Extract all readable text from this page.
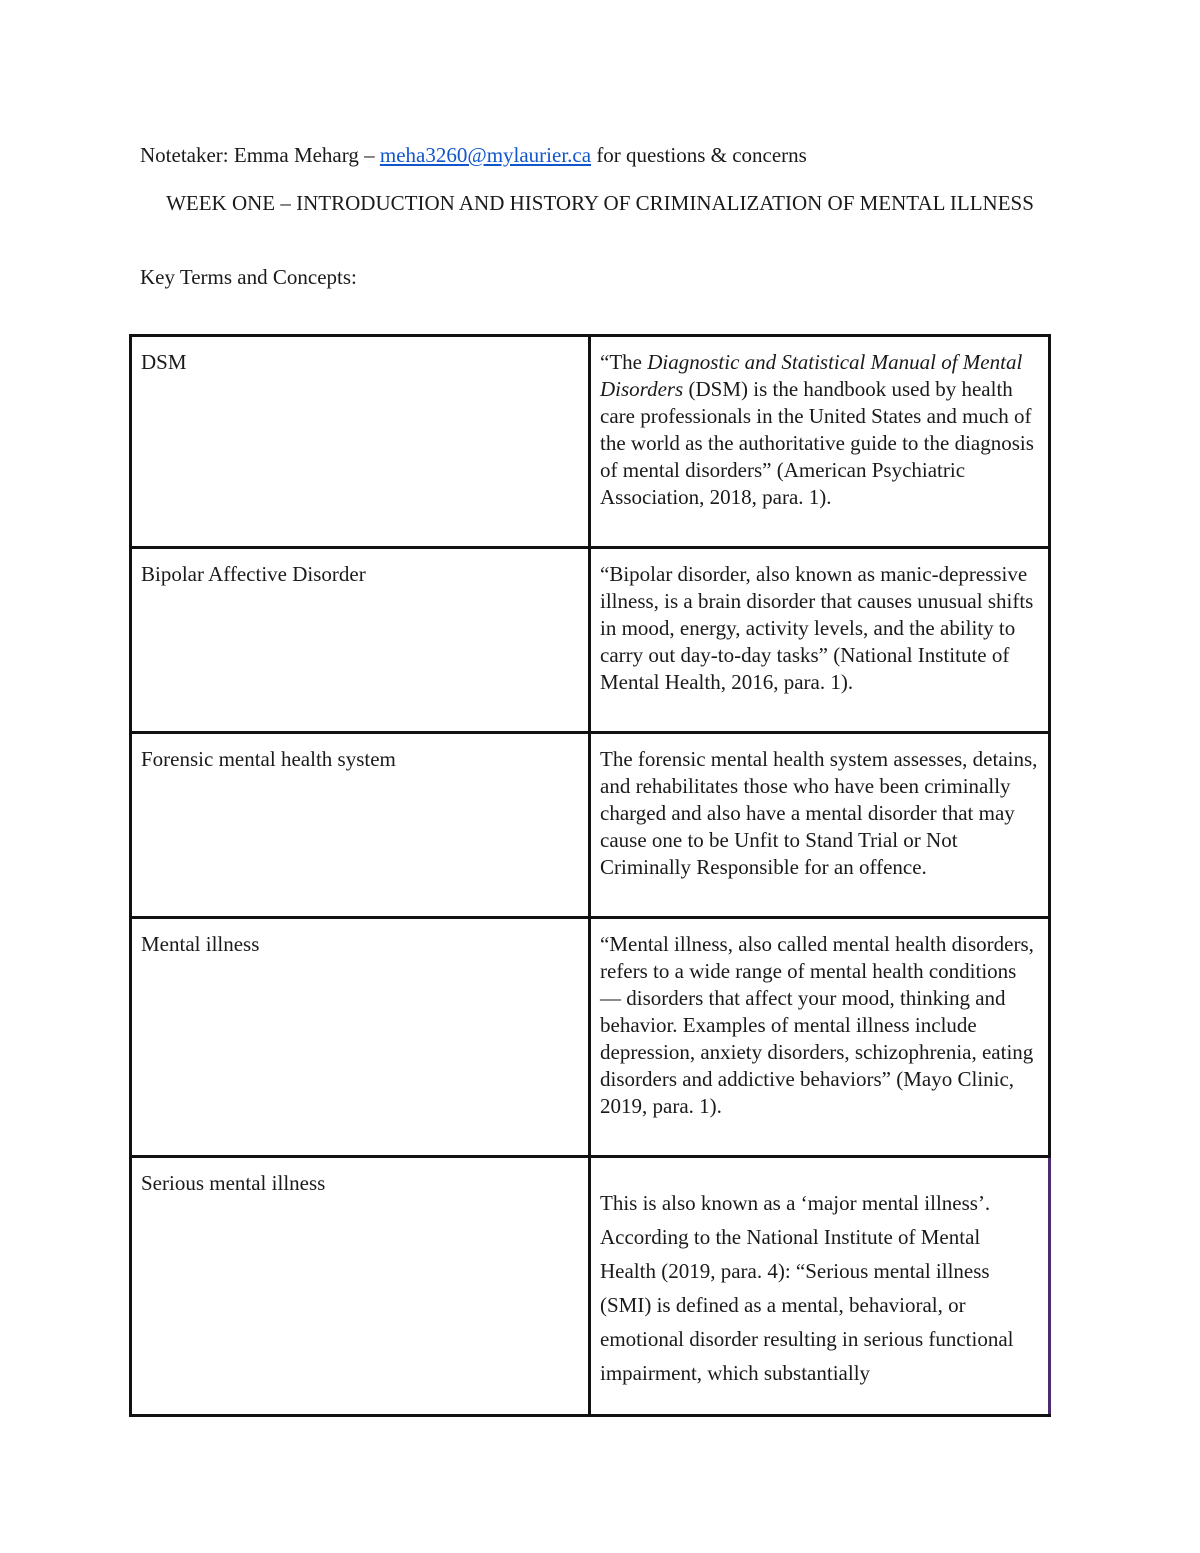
Notetaker: Emma Meharg – meha3260@mylaurier.ca for questions & concerns
WEEK ONE – INTRODUCTION AND HISTORY OF CRIMINALIZATION OF MENTAL ILLNESS
Key Terms and Concepts:
DSM	“The Diagnostic and Statistical Manual of Mental Disorders (DSM) is the handbook used by health care professionals in the United States and much of the world as the authoritative guide to the diagnosis of mental disorders” (American Psychiatric Association, 2018, para. 1).
Bipolar Affective Disorder	“Bipolar disorder, also known as manic-depressive illness, is a brain disorder that causes unusual shifts in mood, energy, activity levels, and the ability to carry out day-to-day tasks” (National Institute of Mental Health, 2016, para. 1).
Forensic mental health system	The forensic mental health system assesses, detains, and rehabilitates those who have been criminally charged and also have a mental disorder that may cause one to be Unfit to Stand Trial or Not Criminally Responsible for an offence.
Mental illness	“Mental illness, also called mental health disorders, refers to a wide range of mental health conditions — disorders that affect your mood, thinking and behavior. Examples of mental illness include depression, anxiety disorders, schizophrenia, eating disorders and addictive behaviors” (Mayo Clinic, 2019, para. 1).
Serious mental illness	This is also known as a ‘major mental illness’. According to the National Institute of Mental Health (2019, para. 4): “Serious mental illness (SMI) is defined as a mental, behavioral, or emotional disorder resulting in serious functional impairment, which substantially
